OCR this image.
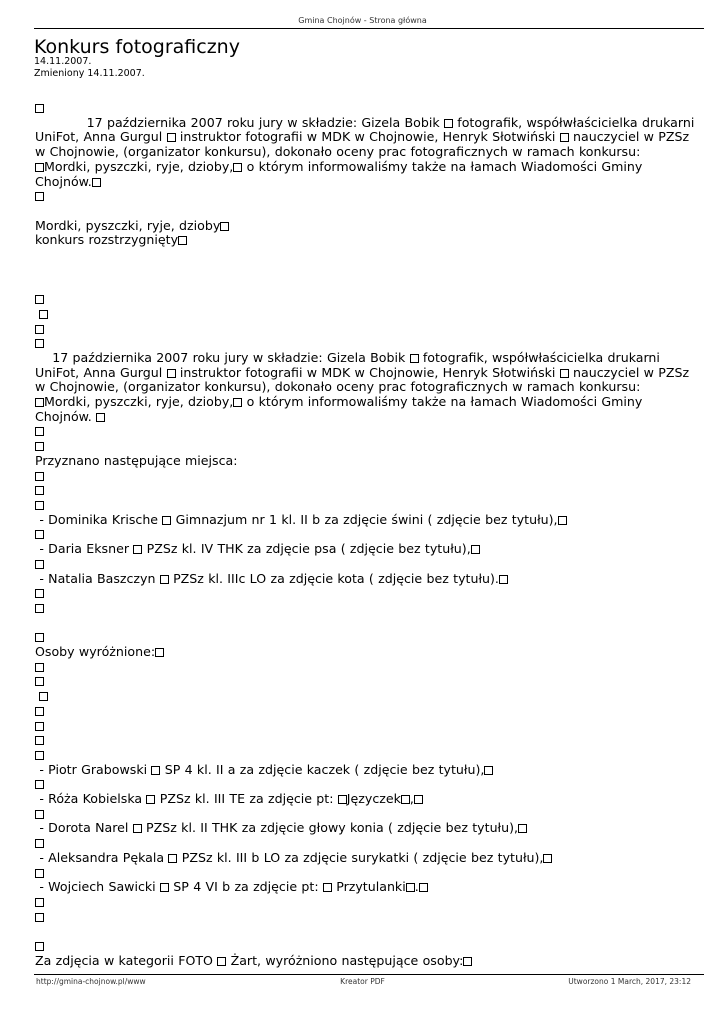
Gmina Chojnów - Strona główna
Konkurs fotograficzny
14.11.2007.
Zmieniony 14.11.2007.

17 października 2007 roku jury w składzie: Gizela Bobik  fotografik, współwłaścicielka drukarni

UniFot, Anna Gurgul  instruktor fotografii w MDK w Chojnowie, Henryk Słotwiński  nauczyciel w PZSz

w Chojnowie, (organizator konkursu), dokonało oceny prac fotograficznych w ramach konkursu:

Mordki, pyszczki, ryje, dzioby, o którym informowaliśmy także na łamach Wiadomości Gminy

Chojnów.

Mordki, pyszczki, ryje, dzioby

konkurs rozstrzygnięty

17 października 2007 roku jury w składzie: Gizela Bobik  fotografik, współwłaścicielka drukarni

UniFot, Anna Gurgul  instruktor fotografii w MDK w Chojnowie, Henryk Słotwiński  nauczyciel w PZSz

w Chojnowie, (organizator konkursu), dokonało oceny prac fotograficznych w ramach konkursu:

Mordki, pyszczki, ryje, dzioby, o którym informowaliśmy także na łamach Wiadomości Gminy

Chojnów.

Przyznano następujące miejsca:

- Dominika Krische  Gimnazjum nr 1 kl. II b za zdjęcie świni ( zdjęcie bez tytułu),

- Daria Eksner  PZSz kl. IV THK za zdjęcie psa ( zdjęcie bez tytułu),

- Natalia Baszczyn  PZSz kl. IIIc LO za zdjęcie kota ( zdjęcie bez tytułu).

Osoby wyróżnione:

- Piotr Grabowski  SP 4 kl. II a za zdjęcie kaczek ( zdjęcie bez tytułu),

- Róża Kobielska  PZSz kl. III TE za zdjęcie pt: Języczek ,

- Dorota Narel  PZSz kl. II THK za zdjęcie głowy konia ( zdjęcie bez tytułu),

- Aleksandra Pękala  PZSz kl. III b LO za zdjęcie surykatki ( zdjęcie bez tytułu),

- Wojciech Sawicki  SP 4 VI b za zdjęcie pt:  Przytulanki .

Za zdjęcia w kategorii FOTO  Żart, wyróżniono następujące osoby:

http://gmina-chojnow.pl/www	Kreator PDF	Utworzono 1 March, 2017, 23:12
